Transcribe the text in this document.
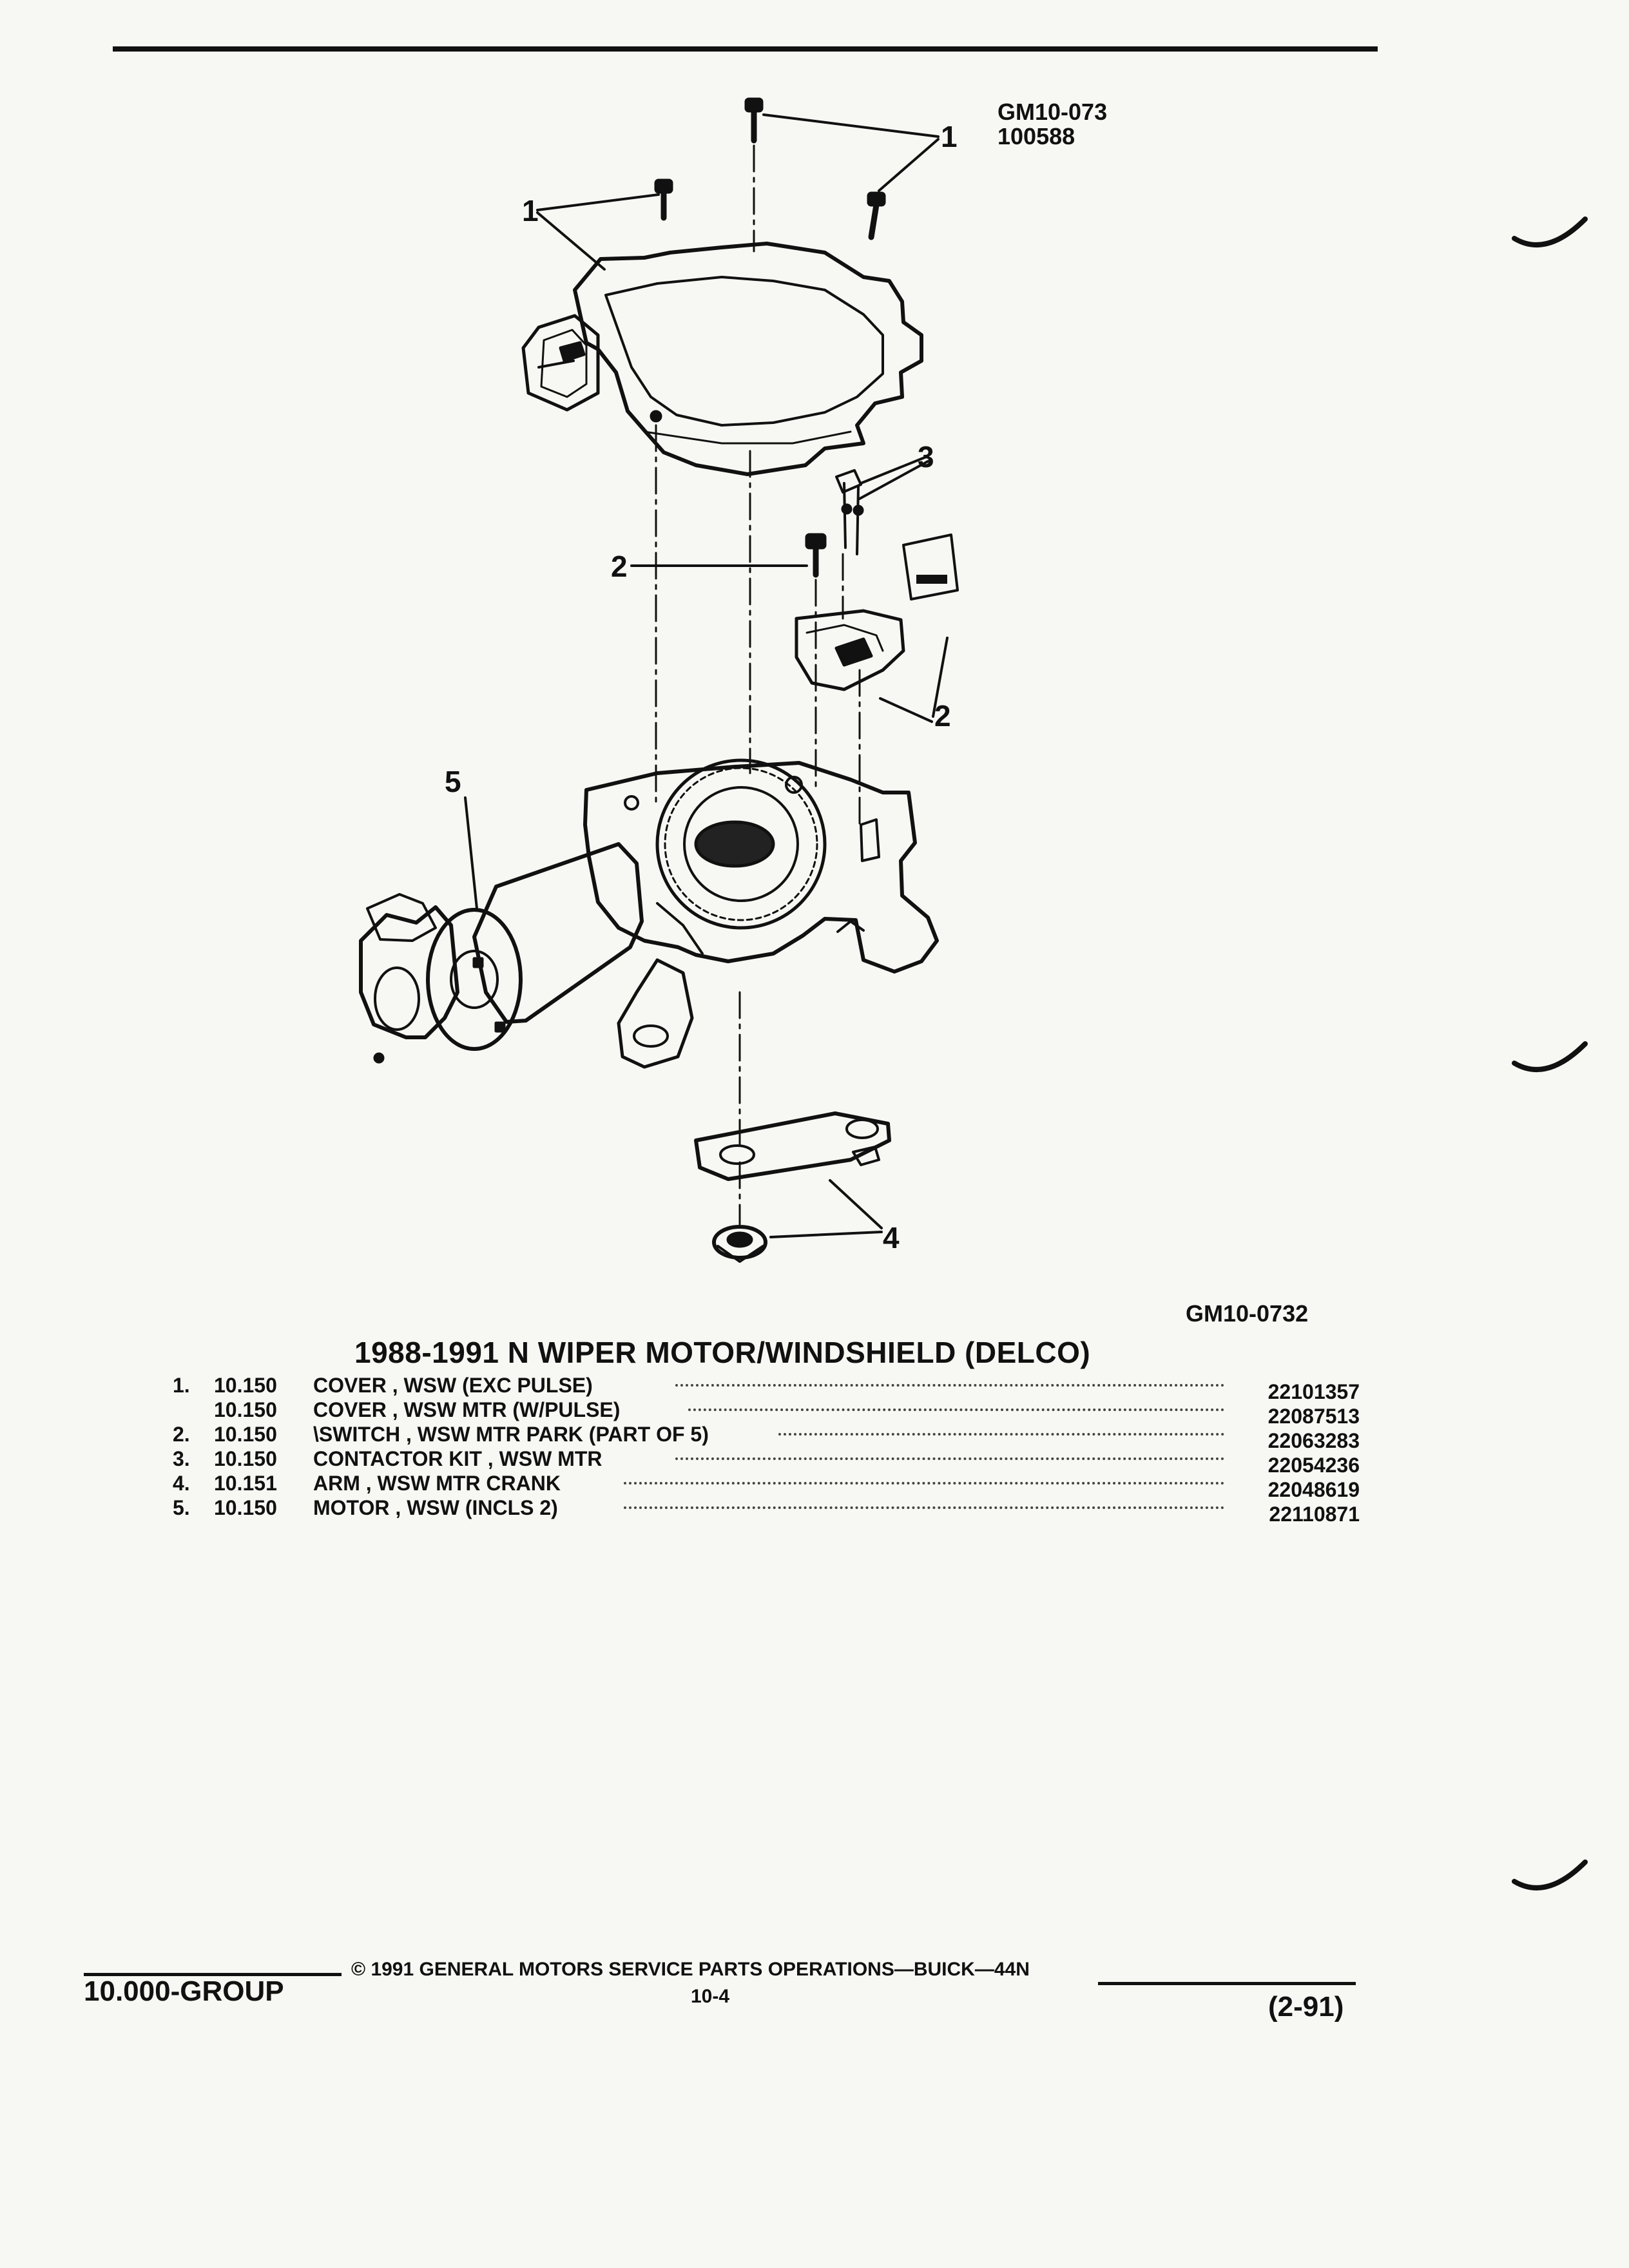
GM10-073
100588
1
1
2
3
2
5
4
GM10-0732
1988-1991 N WIPER MOTOR/WINDSHIELD (DELCO)
1.	10.150	COVER , WSW (EXC PULSE)	22101357
10.150	COVER , WSW MTR (W/PULSE)	22087513
2.	10.150	\SWITCH , WSW MTR PARK (PART OF 5)	22063283
3.	10.150	CONTACTOR KIT , WSW MTR	22054236
4.	10.151	ARM , WSW MTR CRANK	22048619
5.	10.150	MOTOR , WSW (INCLS 2)	22110871
10.000-GROUP
© 1991 GENERAL MOTORS SERVICE PARTS OPERATIONS—BUICK—44N
10-4	(2-91)
